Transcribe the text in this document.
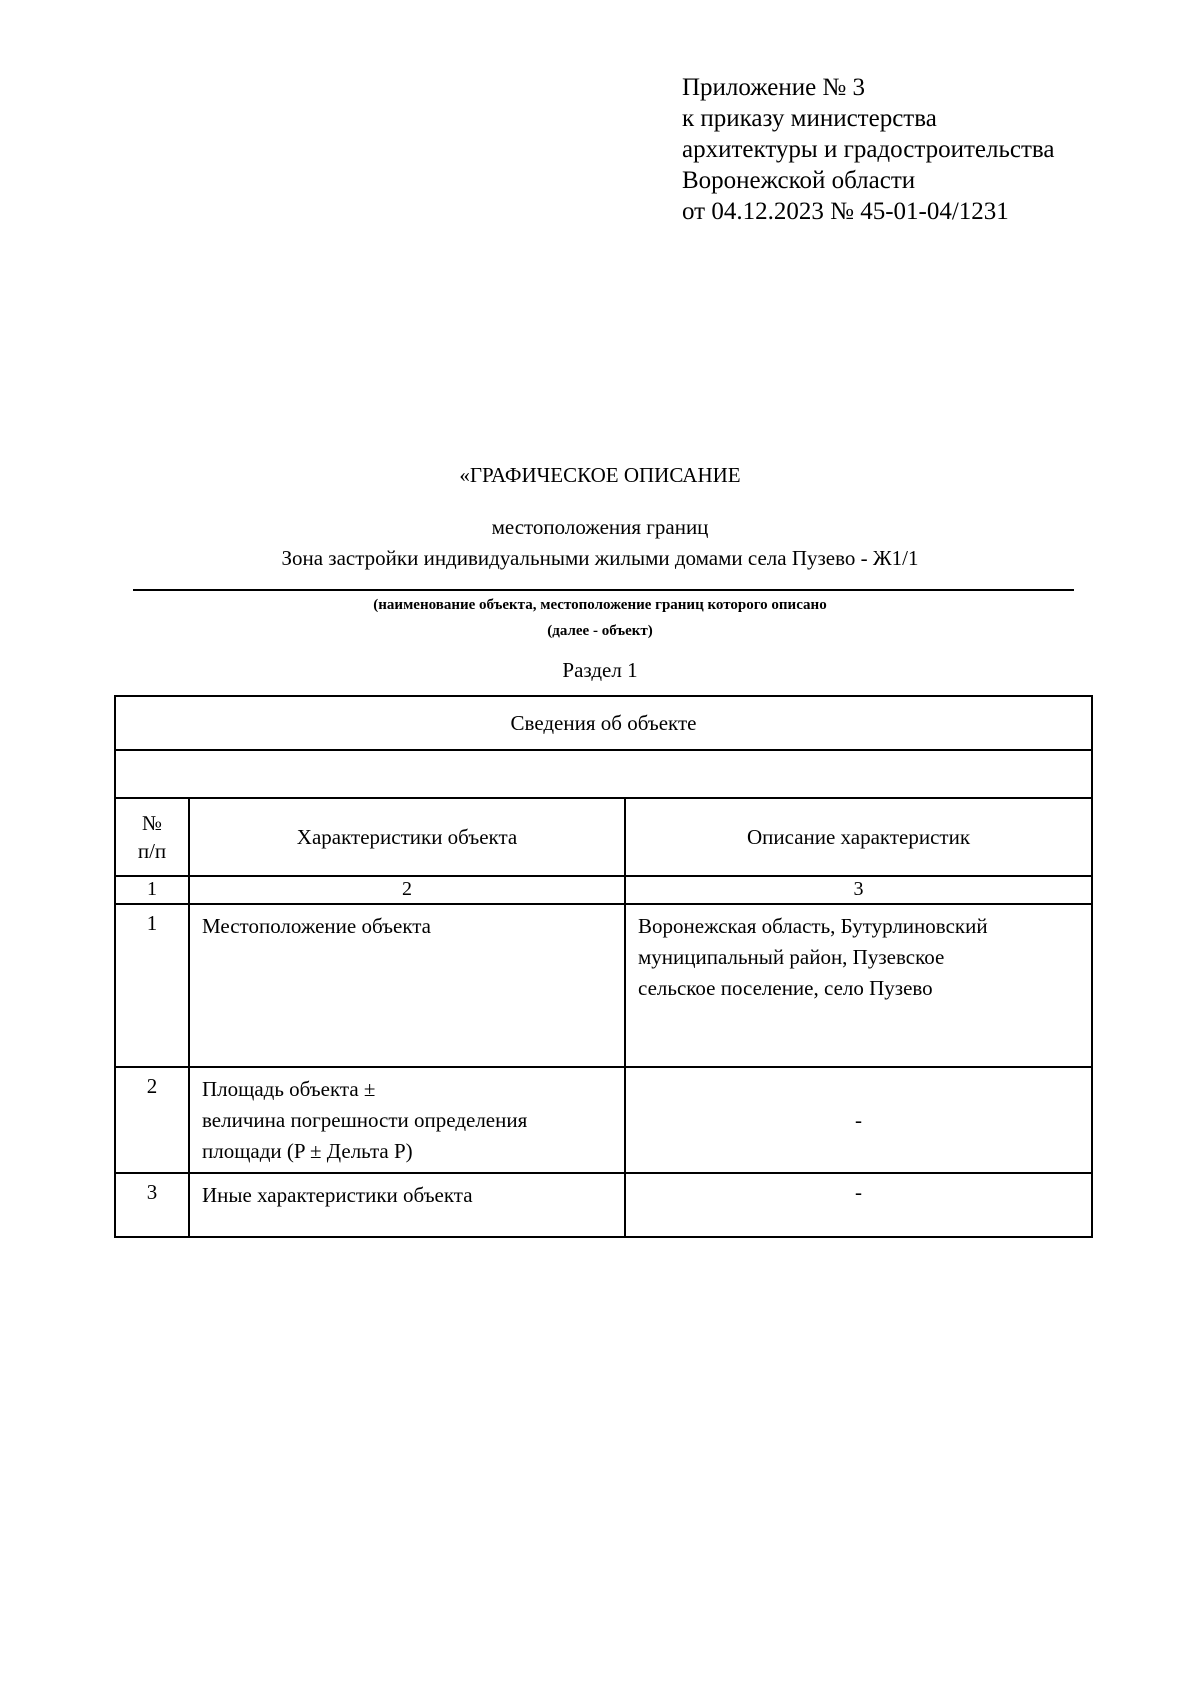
Приложение № 3
к приказу министерства
архитектуры и градостроительства
Воронежской области
от 04.12.2023 № 45-01-04/1231
«ГРАФИЧЕСКОЕ ОПИСАНИЕ
местоположения границ
Зона застройки индивидуальными жилыми домами села Пузево - Ж1/1
(наименование объекта, местоположение границ которого описано
(далее - объект)
Раздел 1
Сведения об объекте		

№
п/п	Характеристики объекта	Описание характеристик
1	2	3
1	Местоположение объекта	Воронежская область, Бутурлиновский
муниципальный район, Пузевское
сельское поселение, село Пузево

2	Площадь объекта ±
величина погрешности определения
площади (P ± Дельта P)	-
3	Иные характеристики объекта	-
